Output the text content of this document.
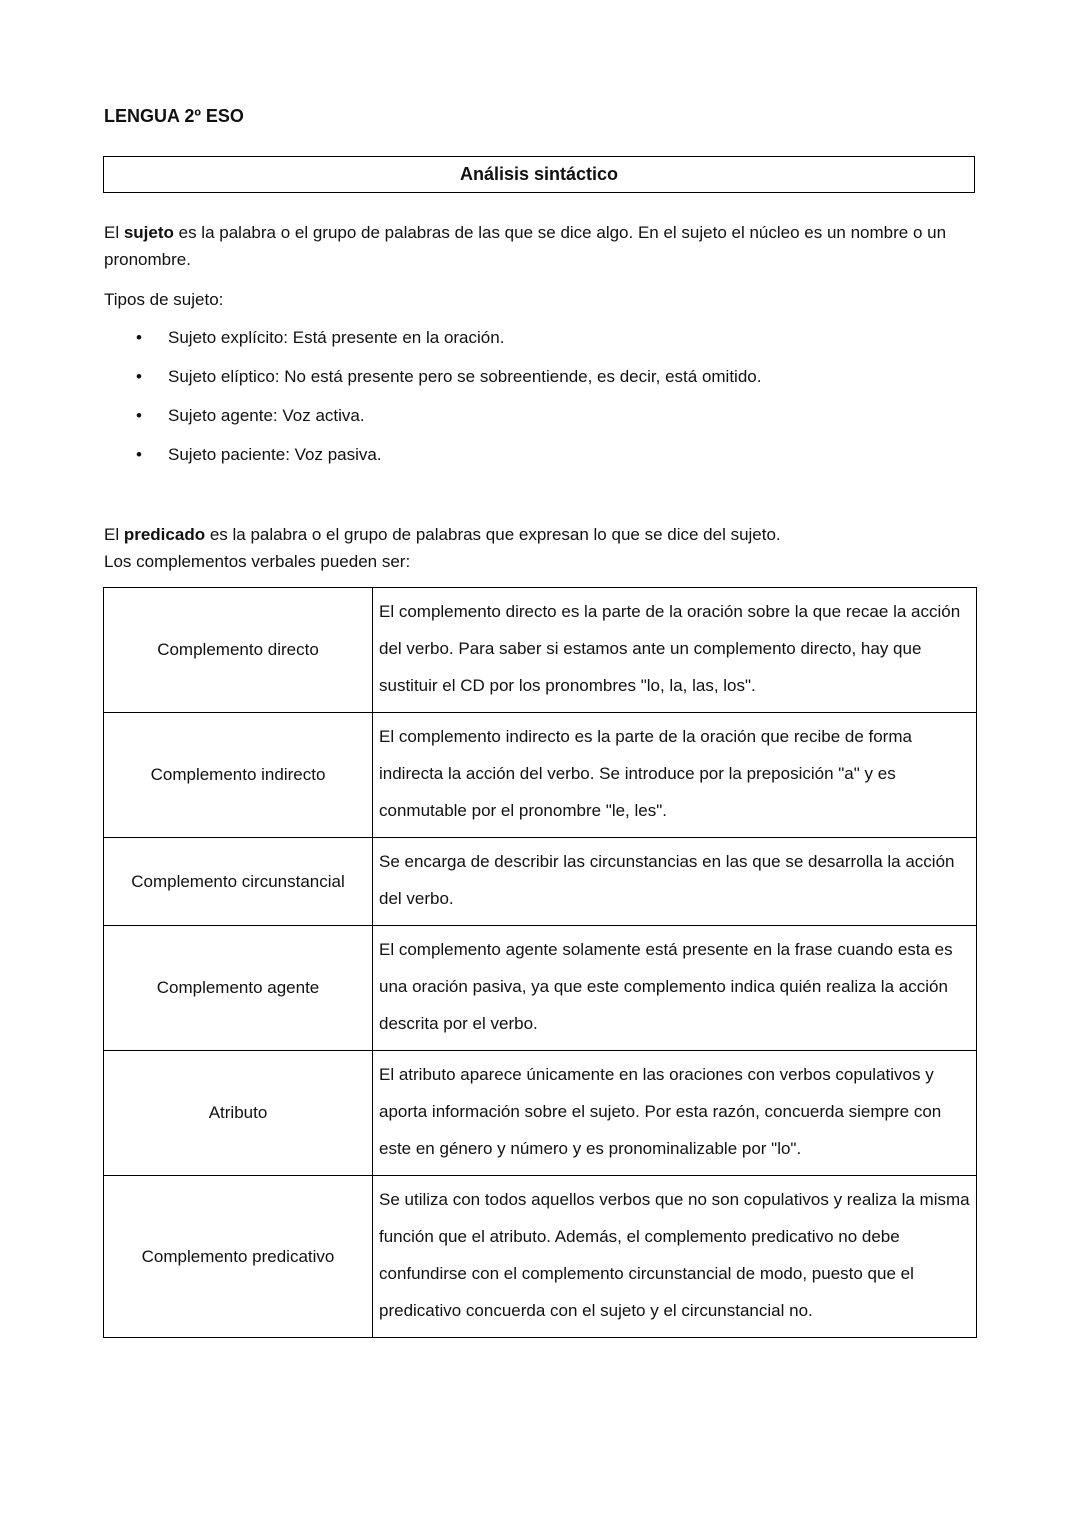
LENGUA 2º ESO
Análisis sintáctico
El sujeto es la palabra o el grupo de palabras de las que se dice algo. En el sujeto el núcleo es un nombre o un pronombre.
Tipos de sujeto:
• Sujeto explícito: Está presente en la oración.
• Sujeto elíptico: No está presente pero se sobreentiende, es decir, está omitido.
• Sujeto agente: Voz activa.
• Sujeto paciente: Voz pasiva.
El predicado es la palabra o el grupo de palabras que expresan lo que se dice del sujeto.
Los complementos verbales pueden ser:
Complemento directo	El complemento directo es la parte de la oración sobre la que recae la acción del verbo. Para saber si estamos ante un complemento directo, hay que sustituir el CD por los pronombres "lo, la, las, los".
Complemento indirecto	El complemento indirecto es la parte de la oración que recibe de forma indirecta la acción del verbo. Se introduce por la preposición "a" y es conmutable por el pronombre "le, les".
Complemento circunstancial	Se encarga de describir las circunstancias en las que se desarrolla la acción del verbo.
Complemento agente	El complemento agente solamente está presente en la frase cuando esta es una oración pasiva, ya que este complemento indica quién realiza la acción descrita por el verbo.
Atributo	El atributo aparece únicamente en las oraciones con verbos copulativos y aporta información sobre el sujeto. Por esta razón, concuerda siempre con este en género y número y es pronominalizable por "lo".
Complemento predicativo	Se utiliza con todos aquellos verbos que no son copulativos y realiza la misma función que el atributo. Además, el complemento predicativo no debe confundirse con el complemento circunstancial de modo, puesto que el predicativo concuerda con el sujeto y el circunstancial no.
